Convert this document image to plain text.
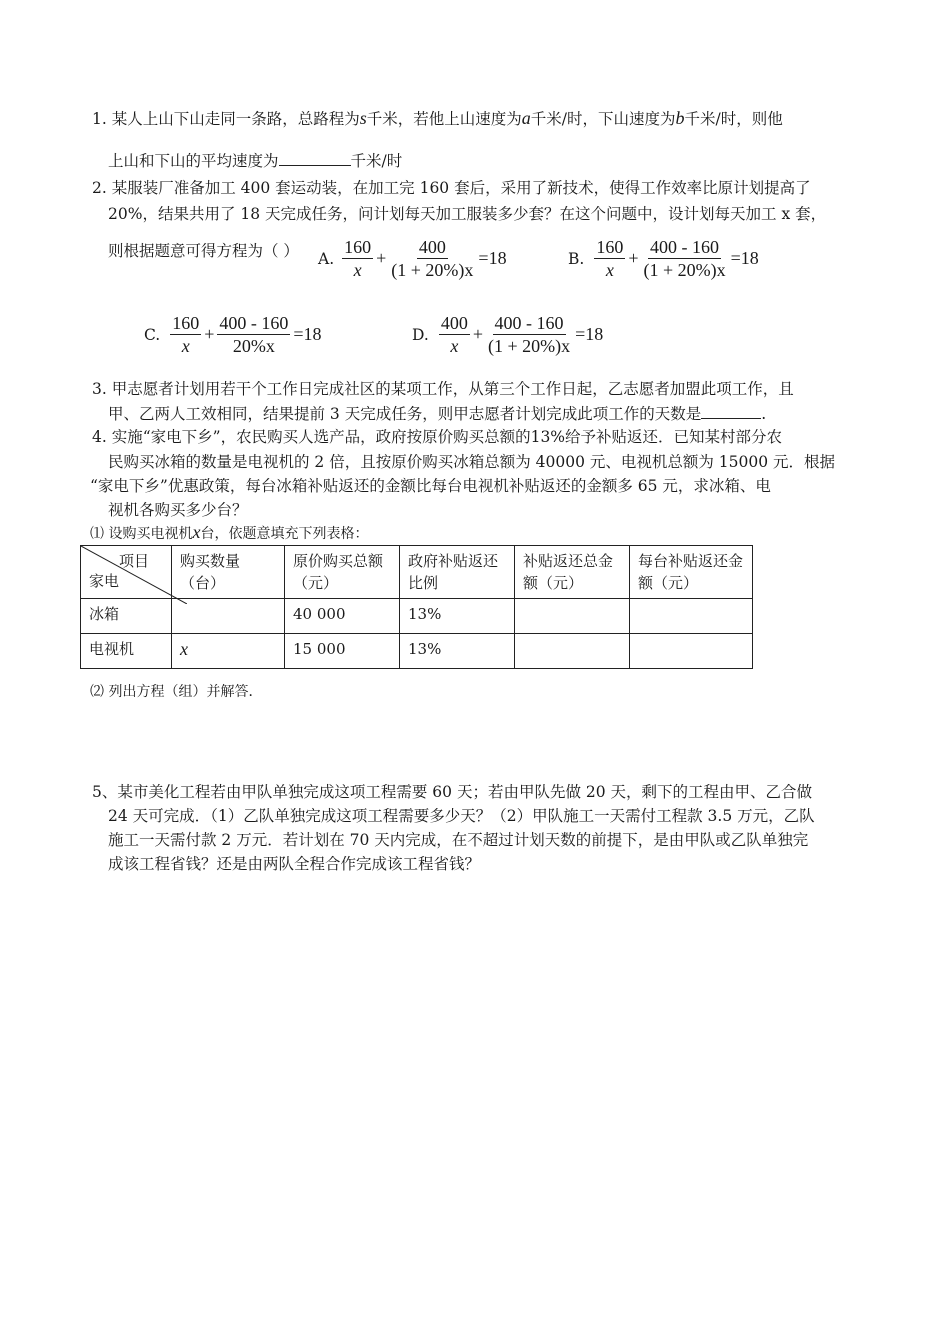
1. 某人上山下山走同一条路，总路程为s千米，若他上山速度为a千米/时，下山速度为b千米/时，则他
上山和下山的平均速度为	千米/时
2. 某服装厂准备加工 400 套运动装，在加工完 160 套后，采用了新技术，使得工作效率比原计划提高了
20%，结果共用了 18 天完成任务，问计划每天加工服装多少套？在这个问题中，设计划每天加工 x 套，
则根据题意可得方程为（ ） A. $\frac{160}{x} + \frac{400}{(1 + 20\%)x} =18$	B. $\frac{160}{x} + \frac{400 - 160}{(1 + 20\%)x} =18$
C. $\frac{160}{x} + \frac{400 - 160}{20\%x} =18$	D. $\frac{400}{x} + \frac{400 - 160}{(1 + 20\%)x} =18$
3. 甲志愿者计划用若干个工作日完成社区的某项工作，从第三个工作日起，乙志愿者加盟此项工作，且
甲、乙两人工效相同，结果提前 3 天完成任务，则甲志愿者计划完成此项工作的天数是	.
4. 实施“家电下乡”，农民购买人选产品，政府按原价购买总额的13%给予补贴返还．已知某村部分农
民购买冰箱的数量是电视机的 2 倍，且按原价购买冰箱总额为 40000 元、电视机总额为 15000 元．根据
“家电下乡”优惠政策，每台冰箱补贴返还的金额比每台电视机补贴返还的金额多 65 元，求冰箱、电
视机各购买多少台？
⑴ 设购买电视机x台，依题意填充下列表格：
项目
家电	购买数量（台）	原价购买总额（元）	政府补贴返还比例	补贴返还总金额（元）	每台补贴返还金额（元）
冰箱		40 000	13%		
电视机	x	15 000	13%		
⑵ 列出方程（组）并解答．
5、某市美化工程若由甲队单独完成这项工程需要 60 天；若由甲队先做 20 天，剩下的工程由甲、乙合做
24 天可完成．（1）乙队单独完成这项工程需要多少天？（2）甲队施工一天需付工程款 3.5 万元，乙队
施工一天需付款 2 万元．若计划在 70 天内完成，在不超过计划天数的前提下，是由甲队或乙队单独完
成该工程省钱？还是由两队全程合作完成该工程省钱？
